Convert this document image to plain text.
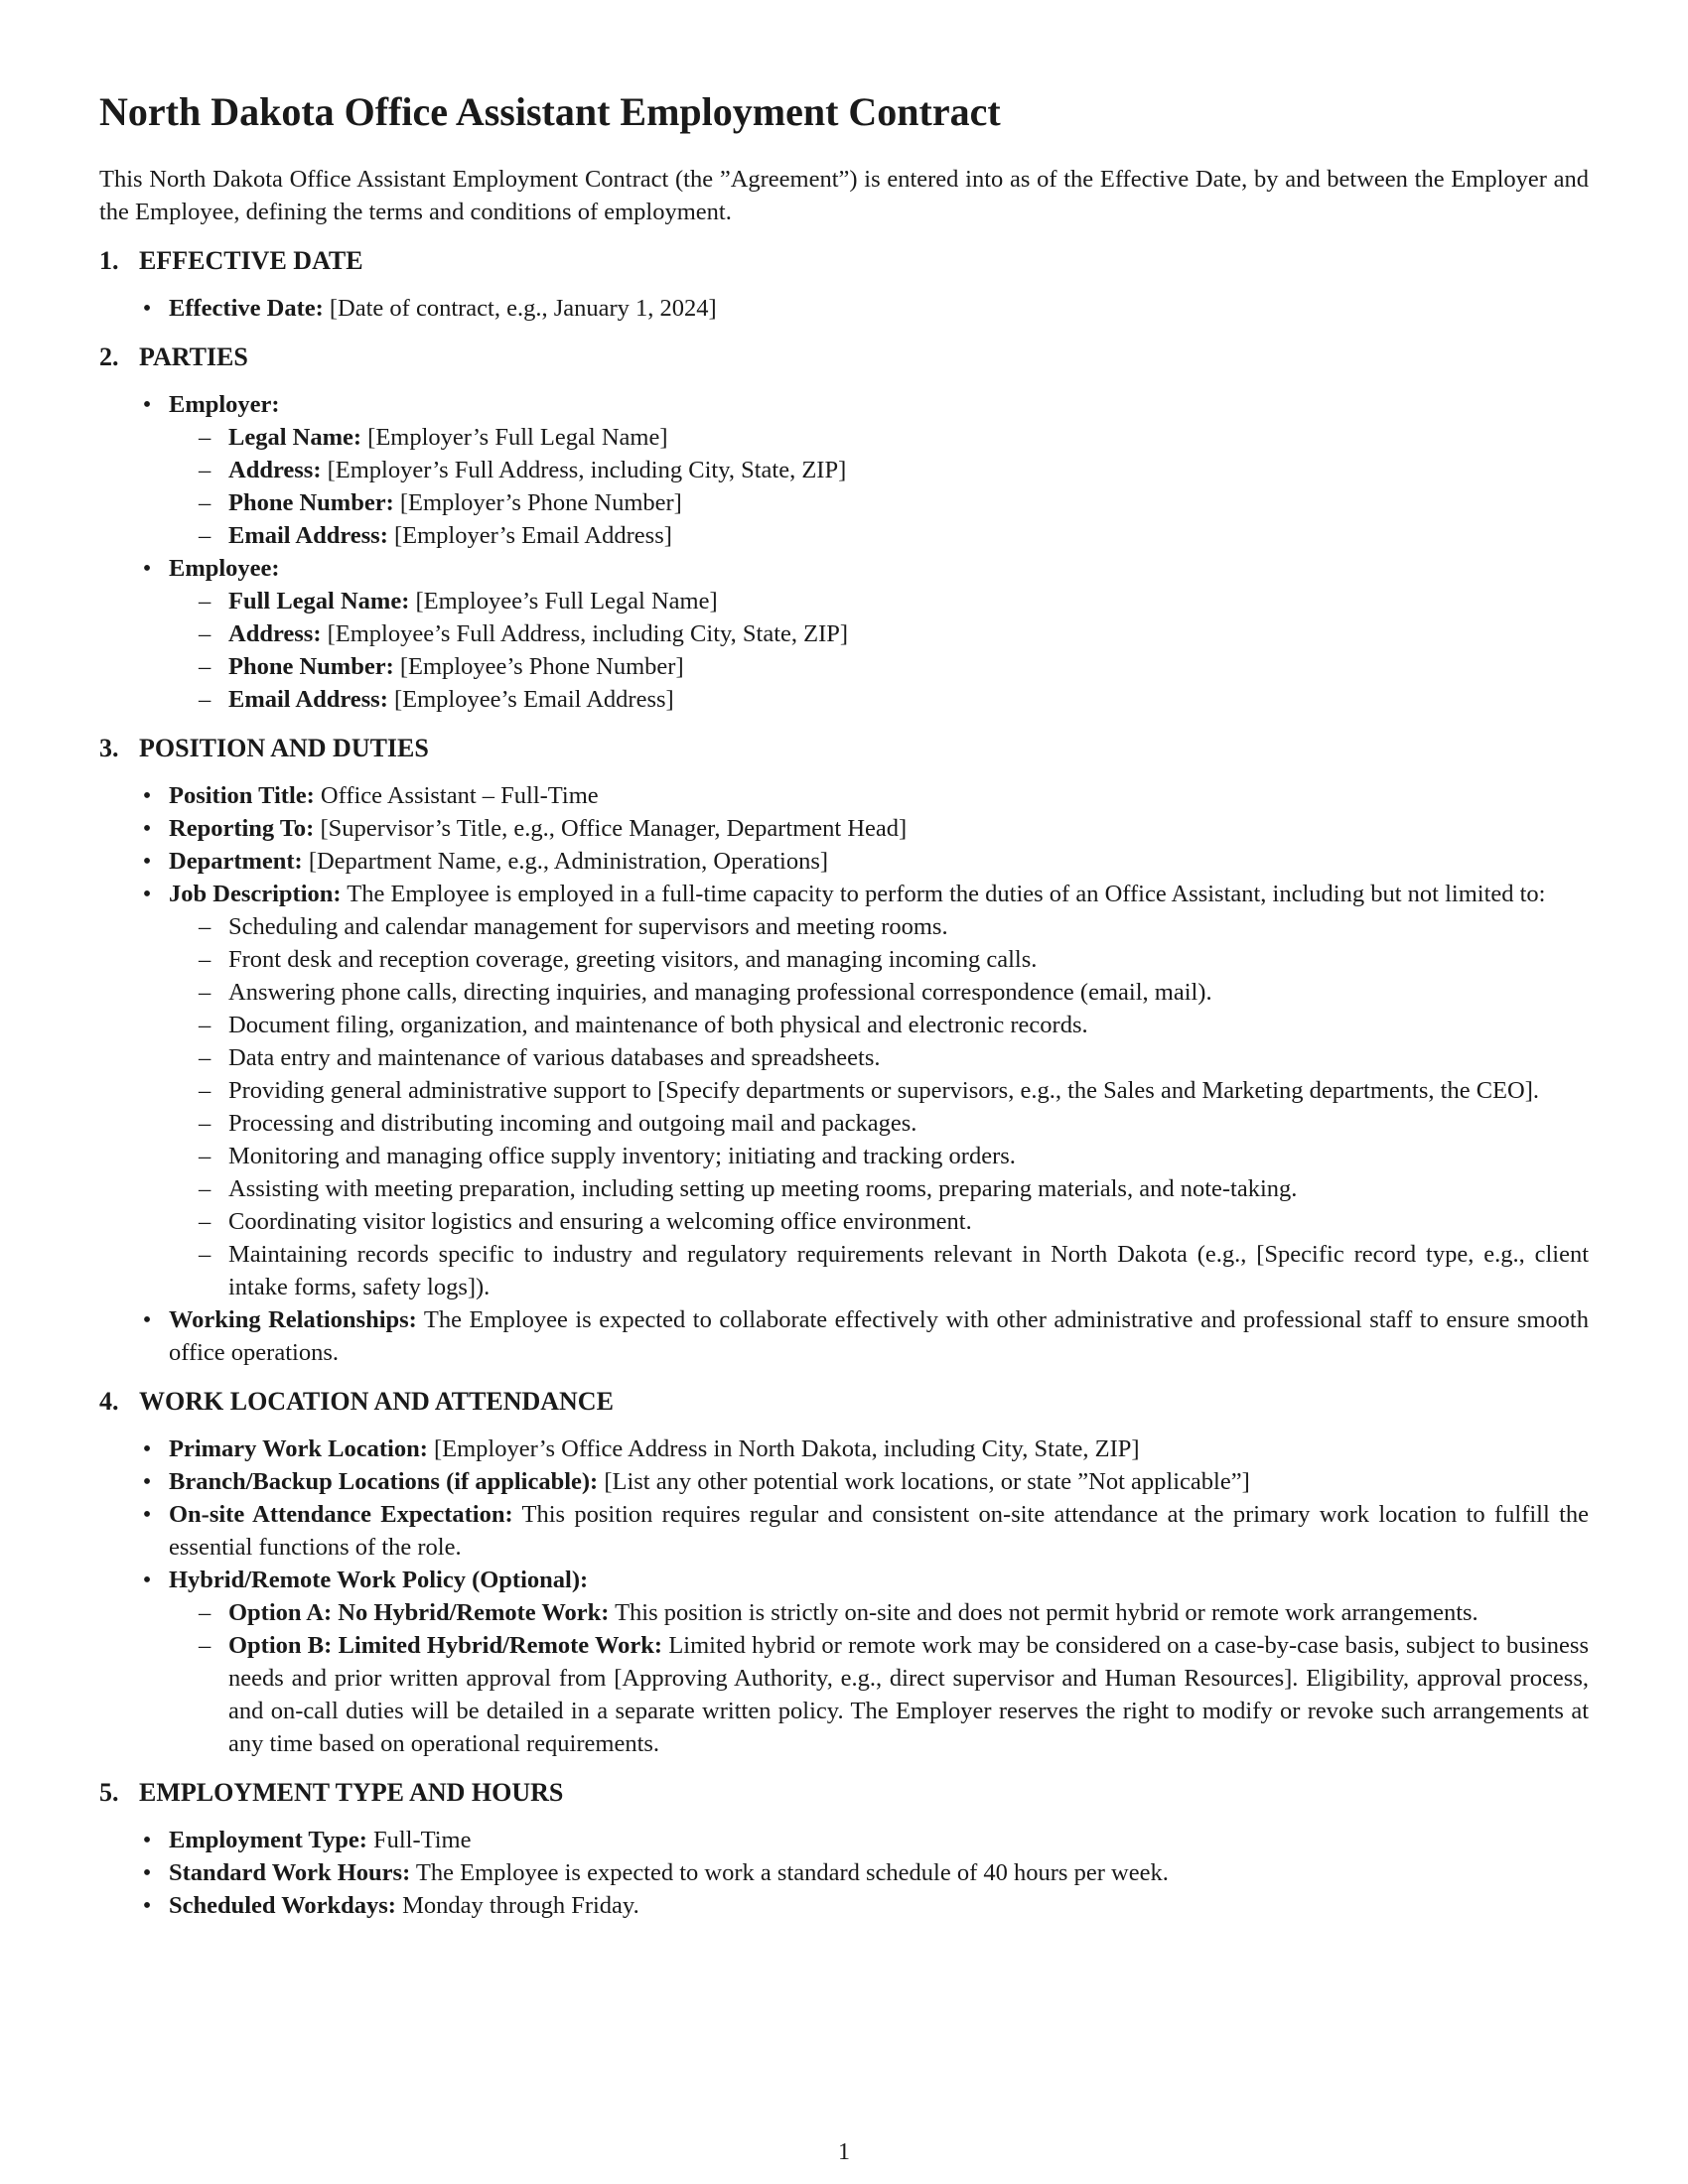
North Dakota Office Assistant Employment Contract

This North Dakota Office Assistant Employment Contract (the ”Agreement”) is entered into as of the Effective Date, by and between the Employer and the Employee, defining the terms and conditions of employment.

1. EFFECTIVE DATE
• Effective Date: [Date of contract, e.g., January 1, 2024]
2. PARTIES
• Employer:
– Legal Name: [Employer’s Full Legal Name]
– Address: [Employer’s Full Address, including City, State, ZIP]
– Phone Number: [Employer’s Phone Number]
– Email Address: [Employer’s Email Address]
• Employee:
– Full Legal Name: [Employee’s Full Legal Name]
– Address: [Employee’s Full Address, including City, State, ZIP]
– Phone Number: [Employee’s Phone Number]
– Email Address: [Employee’s Email Address]
3. POSITION AND DUTIES
• Position Title: Office Assistant – Full-Time
• Reporting To: [Supervisor’s Title, e.g., Office Manager, Department Head]
• Department: [Department Name, e.g., Administration, Operations]
• Job Description: The Employee is employed in a full-time capacity to perform the duties of an Office Assistant, including but not limited to:
– Scheduling and calendar management for supervisors and meeting rooms.
– Front desk and reception coverage, greeting visitors, and managing incoming calls.
– Answering phone calls, directing inquiries, and managing professional correspondence (email, mail).
– Document filing, organization, and maintenance of both physical and electronic records.
– Data entry and maintenance of various databases and spreadsheets.
– Providing general administrative support to [Specify departments or supervisors, e.g., the Sales and Marketing departments, the CEO].
– Processing and distributing incoming and outgoing mail and packages.
– Monitoring and managing office supply inventory; initiating and tracking orders.
– Assisting with meeting preparation, including setting up meeting rooms, preparing materials, and note-taking.
– Coordinating visitor logistics and ensuring a welcoming office environment.
– Maintaining records specific to industry and regulatory requirements relevant in North Dakota (e.g., [Specific record type, e.g., client intake forms, safety logs]).
• Working Relationships: The Employee is expected to collaborate effectively with other administrative and professional staff to ensure smooth office operations.
4. WORK LOCATION AND ATTENDANCE
• Primary Work Location: [Employer’s Office Address in North Dakota, including City, State, ZIP]
• Branch/Backup Locations (if applicable): [List any other potential work locations, or state ”Not applicable”]
• On-site Attendance Expectation: This position requires regular and consistent on-site attendance at the primary work location to fulfill the essential functions of the role.
• Hybrid/Remote Work Policy (Optional):
– Option A: No Hybrid/Remote Work: This position is strictly on-site and does not permit hybrid or remote work arrangements.
– Option B: Limited Hybrid/Remote Work: Limited hybrid or remote work may be considered on a case-by-case basis, subject to business needs and prior written approval from [Approving Authority, e.g., direct supervisor and Human Resources]. Eligibility, approval process, and on-call duties will be detailed in a separate written policy. The Employer reserves the right to modify or revoke such arrangements at any time based on operational requirements.
5. EMPLOYMENT TYPE AND HOURS
• Employment Type: Full-Time
• Standard Work Hours: The Employee is expected to work a standard schedule of 40 hours per week.
• Scheduled Workdays: Monday through Friday.
1
